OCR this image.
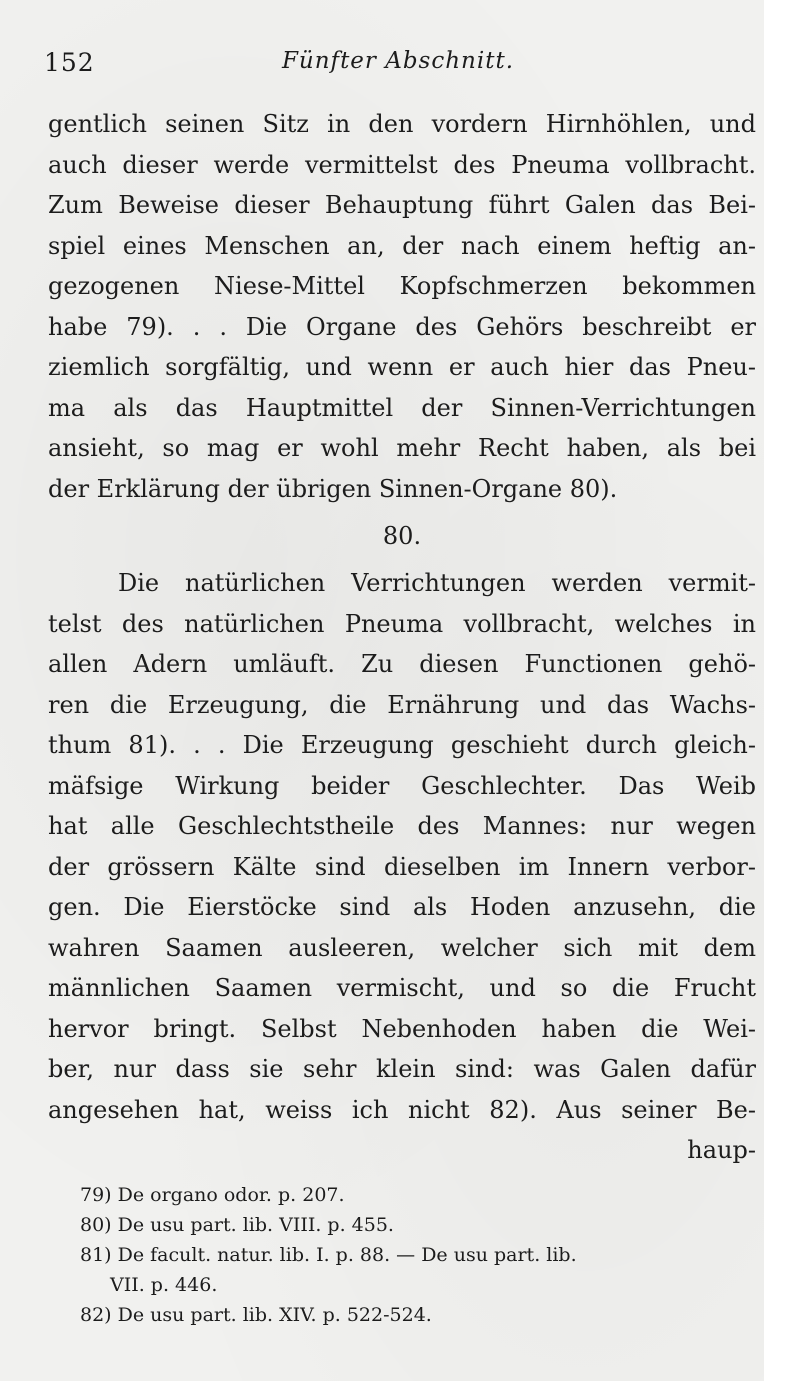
152	Fünfter Abschnitt.
gentlich seinen Sitz in den vordern Hirnhöhlen, und
auch dieser werde vermittelst des Pneuma vollbracht.
Zum Beweise dieser Behauptung führt Galen das Bei-
spiel eines Menschen an, der nach einem heftig an-
gezogenen Niese-Mittel Kopfschmerzen bekommen
habe 79). . . Die Organe des Gehörs beschreibt er
ziemlich sorgfältig, und wenn er auch hier das Pneu-
ma als das Hauptmittel der Sinnen-Verrichtungen
ansieht, so mag er wohl mehr Recht haben, als bei
der Erklärung der übrigen Sinnen-Organe 80).
80.
Die natürlichen Verrichtungen werden vermit-
telst des natürlichen Pneuma vollbracht, welches in
allen Adern umläuft. Zu diesen Functionen gehö-
ren die Erzeugung, die Ernährung und das Wachs-
thum 81). . . Die Erzeugung geschieht durch gleich-
mäfsige Wirkung beider Geschlechter. Das Weib
hat alle Geschlechtstheile des Mannes: nur wegen
der grössern Kälte sind dieselben im Innern verbor-
gen. Die Eierstöcke sind als Hoden anzusehn, die
wahren Saamen ausleeren, welcher sich mit dem
männlichen Saamen vermischt, und so die Frucht
hervor bringt. Selbst Nebenhoden haben die Wei-
ber, nur dass sie sehr klein sind: was Galen dafür
angesehen hat, weiss ich nicht 82). Aus seiner Be-
haup-
79) De organo odor. p. 207.
80) De usu part. lib. VIII. p. 455.
81) De facult. natur. lib. I. p. 88. — De usu part. lib.
VII. p. 446.
82) De usu part. lib. XIV. p. 522-524.
